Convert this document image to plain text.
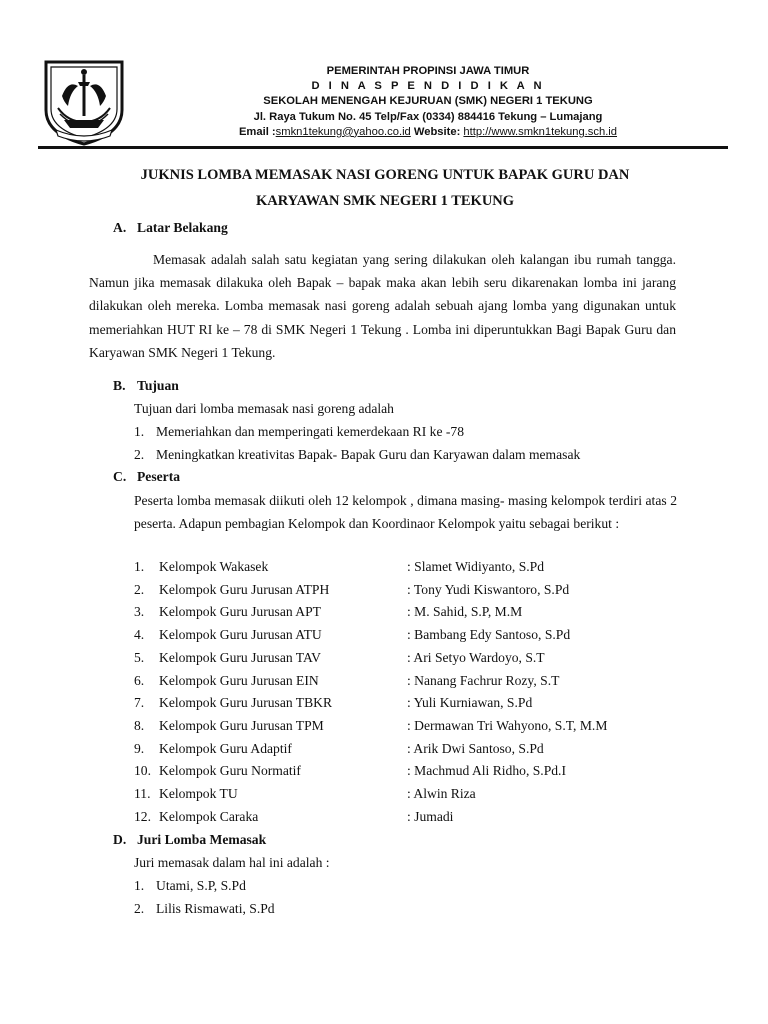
PEMERINTAH PROPINSI JAWA TIMUR
D I N A S P E N D I D I K A N
SEKOLAH MENENGAH KEJURUAN (SMK) NEGERI 1 TEKUNG
Jl. Raya Tukum No. 45 Telp/Fax (0334) 884416 Tekung – Lumajang
Email :smkn1tekung@yahoo.co.id Website: http://www.smkn1tekung.sch.id
JUKNIS LOMBA MEMASAK NASI GORENG UNTUK BAPAK GURU DAN
KARYAWAN SMK NEGERI 1 TEKUNG
A. Latar Belakang
Memasak adalah salah satu kegiatan yang sering dilakukan oleh kalangan ibu rumah tangga. Namun jika memasak dilakuka oleh Bapak – bapak maka akan lebih seru dikarenakan lomba ini jarang dilakukan oleh mereka. Lomba memasak nasi goreng adalah sebuah ajang lomba yang digunakan untuk memeriahkan HUT RI ke – 78 di SMK Negeri 1 Tekung . Lomba ini diperuntukkan Bagi Bapak Guru dan Karyawan SMK Negeri 1 Tekung.
B. Tujuan
Tujuan dari lomba memasak nasi goreng adalah
1. Memeriahkan dan memperingati kemerdekaan RI ke -78
2. Meningkatkan kreativitas Bapak- Bapak Guru dan Karyawan dalam memasak
C. Peserta
Peserta lomba memasak diikuti oleh 12 kelompok , dimana masing- masing kelompok terdiri atas 2 peserta. Adapun pembagian Kelompok dan Koordinaor Kelompok yaitu sebagai berikut :
1. Kelompok Wakasek	: Slamet Widiyanto, S.Pd
2. Kelompok Guru Jurusan ATPH	: Tony Yudi Kiswantoro, S.Pd
3. Kelompok Guru Jurusan APT	: M. Sahid, S.P, M.M
4. Kelompok Guru Jurusan ATU	: Bambang Edy Santoso, S.Pd
5. Kelompok Guru Jurusan TAV	: Ari Setyo Wardoyo, S.T
6. Kelompok Guru Jurusan EIN	: Nanang Fachrur Rozy, S.T
7. Kelompok Guru Jurusan TBKR	: Yuli Kurniawan, S.Pd
8. Kelompok Guru Jurusan TPM	: Dermawan Tri Wahyono, S.T, M.M
9. Kelompok Guru Adaptif	: Arik Dwi Santoso, S.Pd
10. Kelompok Guru Normatif	: Machmud Ali Ridho, S.Pd.I
11. Kelompok TU	: Alwin Riza
12. Kelompok Caraka	: Jumadi
D. Juri Lomba Memasak
Juri memasak dalam hal ini adalah :
1. Utami, S.P, S.Pd
2. Lilis Rismawati, S.Pd
